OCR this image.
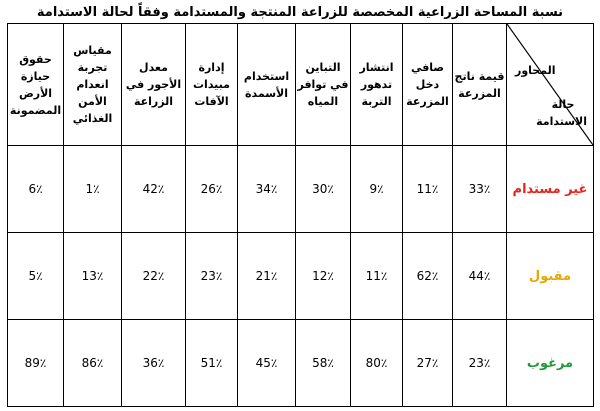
نسبة المساحة الزراعية المخصصة للزراعة المنتجة والمستدامة وفقاً لحالة الاستدامة
المحاور
حالة الاستدامة	قيمة ناتج المزرعة	صافي دخل المزرعة	انتشار تدهور التربة	التباين في توافر المياه	استخدام الأسمدة	إدارة مبيدات الآفات	معدل الأجور في الزراعة	مقياس تجربة انعدام الأمن الغذائي	حقوق حيازة الأرض المضمونة
غير مستدام	33٪	11٪	9٪	30٪	34٪	26٪	42٪	1٪	6٪
مقبول	44٪	62٪	11٪	12٪	21٪	23٪	22٪	13٪	5٪
مرغوب	23٪	27٪	80٪	58٪	45٪	51٪	36٪	86٪	89٪
